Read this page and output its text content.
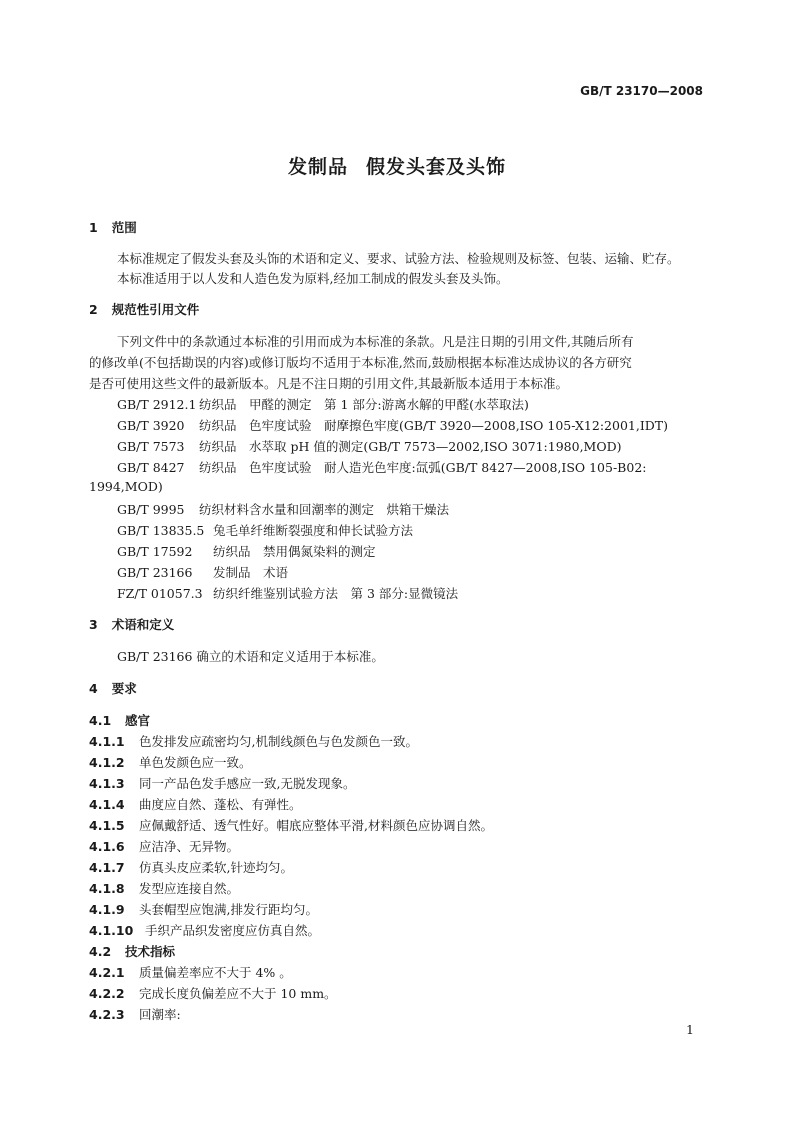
GB/T 23170—2008
发制品 假发头套及头饰
1 范围
本标准规定了假发头套及头饰的术语和定义、要求、试验方法、检验规则及标签、包装、运输、贮存。
本标准适用于以人发和人造色发为原料,经加工制成的假发头套及头饰。
2 规范性引用文件
下列文件中的条款通过本标准的引用而成为本标准的条款。凡是注日期的引用文件,其随后所有
的修改单(不包括勘误的内容)或修订版均不适用于本标准,然而,鼓励根据本标准达成协议的各方研究
是否可使用这些文件的最新版本。凡是不注日期的引用文件,其最新版本适用于本标准。
GB/T 2912.1 纺织品　甲醛的测定　第 1 部分:游离水解的甲醛(水萃取法)
GB/T 3920 纺织品　色牢度试验　耐摩擦色牢度(GB/T 3920—2008,ISO 105-X12:2001,IDT)
GB/T 7573 纺织品　水萃取 pH 值的测定(GB/T 7573—2002,ISO 3071:1980,MOD)
GB/T 8427 纺织品　色牢度试验　耐人造光色牢度:氙弧(GB/T 8427—2008,ISO 105-B02:
1994,MOD)
GB/T 9995 纺织材料含水量和回潮率的测定　烘箱干燥法
GB/T 13835.5 兔毛单纤维断裂强度和伸长试验方法
GB/T 17592 纺织品　禁用偶氮染料的测定
GB/T 23166 发制品　术语
FZ/T 01057.3 纺织纤维鉴别试验方法　第 3 部分:显微镜法
3 术语和定义
GB/T 23166 确立的术语和定义适用于本标准。
4 要求
4.1 感官
4.1.1 色发排发应疏密均匀,机制线颜色与色发颜色一致。
4.1.2 单色发颜色应一致。
4.1.3 同一产品色发手感应一致,无脱发现象。
4.1.4 曲度应自然、蓬松、有弹性。
4.1.5 应佩戴舒适、透气性好。帽底应整体平滑,材料颜色应协调自然。
4.1.6 应洁净、无异物。
4.1.7 仿真头皮应柔软,针迹均匀。
4.1.8 发型应连接自然。
4.1.9 头套帽型应饱满,排发行距均匀。
4.1.10 手织产品织发密度应仿真自然。
4.2 技术指标
4.2.1 质量偏差率应不大于 4% 。
4.2.2 完成长度负偏差应不大于 10 mm。
4.2.3 回潮率:
1
